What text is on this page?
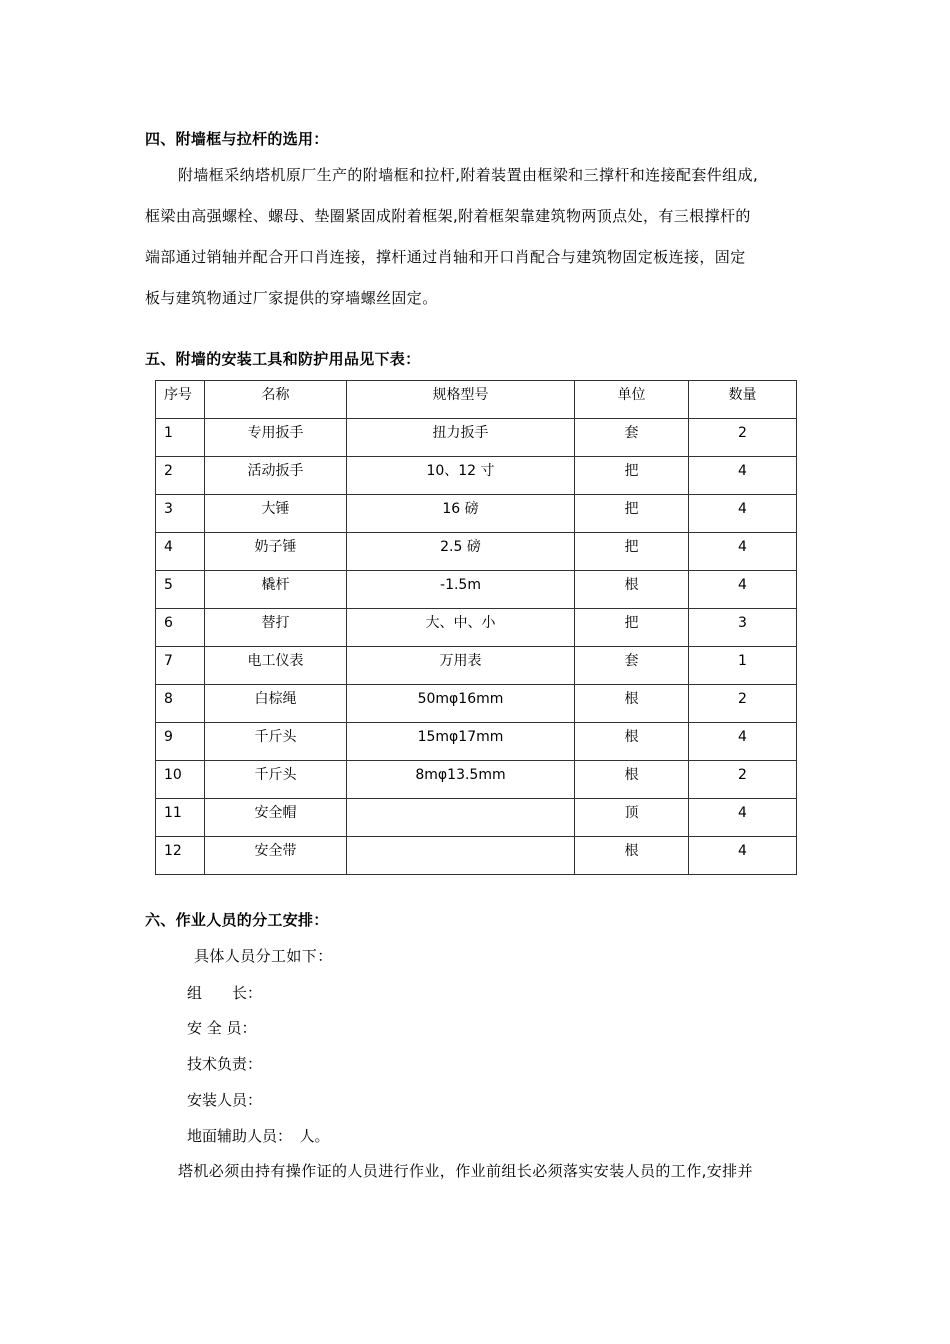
四、附墙框与拉杆的选用：
附墙框采纳塔机原厂生产的附墙框和拉杆,附着装置由框梁和三撑杆和连接配套件组成,
框梁由高强螺栓、螺母、垫圈紧固成附着框架,附着框架靠建筑物两顶点处，有三根撑杆的
端部通过销轴并配合开口肖连接，撑杆通过肖轴和开口肖配合与建筑物固定板连接，固定
板与建筑物通过厂家提供的穿墙螺丝固定。
五、附墙的安装工具和防护用品见下表：
序号	名称	规格型号	单位	数量
1	专用扳手	扭力扳手	套	2
2	活动扳手	10、12 寸	把	4
3	大锤	16 磅	把	4
4	奶子锤	2.5 磅	把	4
5	橇杆	-1.5m	根	4
6	替打	大、中、小	把	3
7	电工仪表	万用表	套	1
8	白棕绳	50mφ16mm	根	2
9	千斤头	15mφ17mm	根	4
10	千斤头	8mφ13.5mm	根	2
11	安全帽		顶	4
12	安全带		根	4
六、作业人员的分工安排：
具体人员分工如下：
组　　长：
安 全 员：
技术负责：
安装人员：
地面辅助人员：　人。
塔机必须由持有操作证的人员进行作业，作业前组长必须落实安装人员的工作,安排并
